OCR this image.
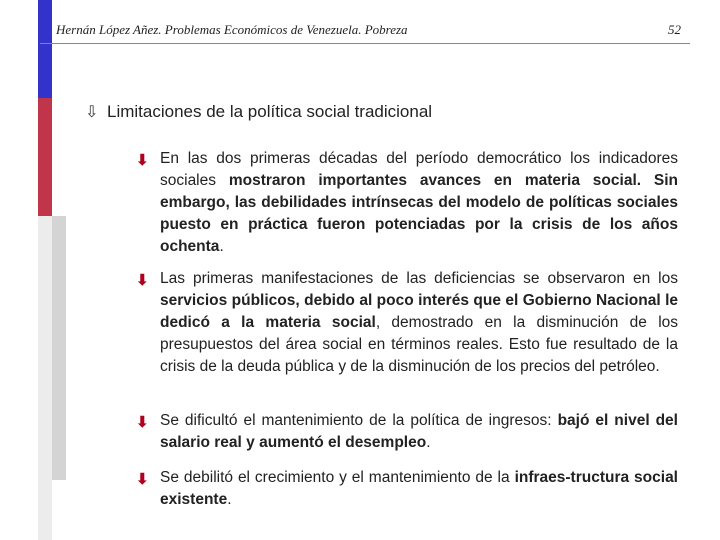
Hernán López Añez. Problemas Económicos de Venezuela. Pobreza	52
⇩ Limitaciones de la política social tradicional
⬇ En las dos primeras décadas del período democrático los indicadores sociales mostraron importantes avances en materia social. Sin embargo, las debilidades intrínsecas del modelo de políticas sociales puesto en práctica fueron potenciadas por la crisis de los años ochenta.
⬇ Las primeras manifestaciones de las deficiencias se observaron en los servicios públicos, debido al poco interés que el Gobierno Nacional le dedicó a la materia social, demostrado en la disminución de los presupuestos del área social en términos reales. Esto fue resultado de la crisis de la deuda pública y de la disminución de los precios del petróleo.
⬇ Se dificultó el mantenimiento de la política de ingresos: bajó el nivel del salario real y aumentó el desempleo.
⬇ Se debilitó el crecimiento y el mantenimiento de la infraes-tructura social existente.
